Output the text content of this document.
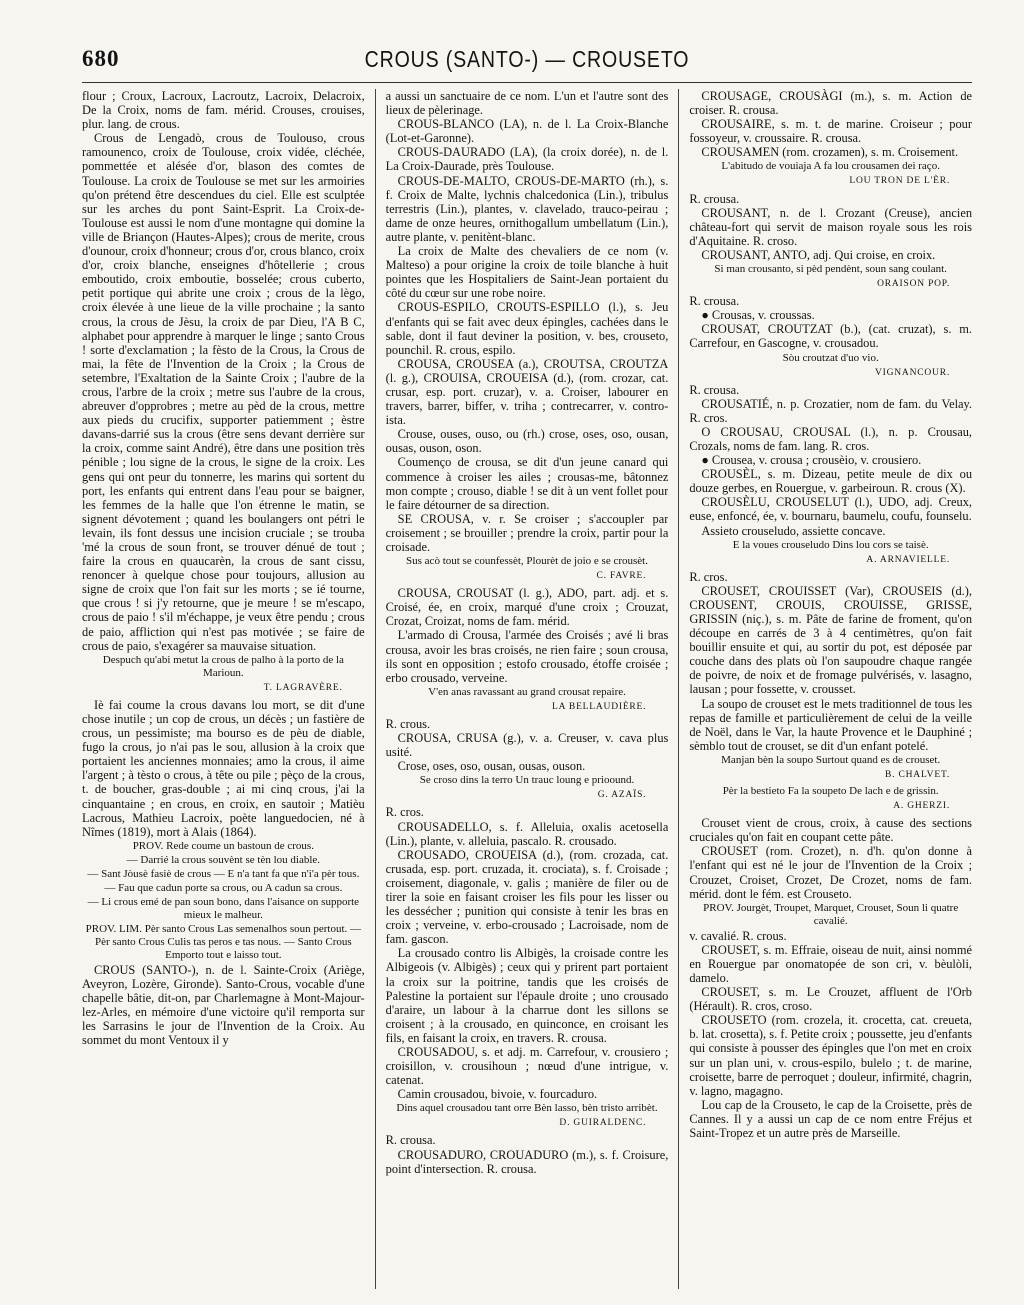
680	CROUS (SANTO-) — CROUSETO

flour ; Croux, Lacroux, Lacroutz, Lacroix, Delacroix, De la Croix, noms de fam. mérid. Crouses, crouises, plur. lang. de crous.

Crous de Lengadò, crous de Toulouso, crous ramounenco, croix de Toulouse, croix vidée, cléchée, pommettée et alésée d'or, blason des comtes de Toulouse. La croix de Toulouse se met sur les armoiries qu'on prétend être descendues du ciel. Elle est sculptée sur les arches du pont Saint-Esprit. La Croix-de-Toulouse est aussi le nom d'une montagne qui domine la ville de Briançon (Hautes-Alpes); crous de merite, crous d'ounour, croix d'honneur; crous d'or, crous blanco, croix d'or, croix blanche, enseignes d'hôtellerie ; crous emboutido, croix emboutie, bosselée; crous cuberto, petit portique qui abrite une croix ; crous de la lègo, croix élevée à une lieue de la ville prochaine ; la santo crous, la crous de Jèsu, la croix de par Dieu, l'A B C, alphabet pour apprendre à marquer le linge ; santo Crous ! sorte d'exclamation ; la fèsto de la Crous, la Crous de mai, la fête de l'Invention de la Croix ; la Crous de setembre, l'Exaltation de la Sainte Croix ; l'aubre de la crous, l'arbre de la croix ; metre sus l'aubre de la crous, abreuver d'opprobres ; metre au pèd de la crous, mettre aux pieds du crucifix, supporter patiemment ; èstre davans-darrié sus la crous (être sens devant derrière sur la croix, comme saint André), être dans une position très pénible ; lou signe de la crous, le signe de la croix. Les gens qui ont peur du tonnerre, les marins qui sortent du port, les enfants qui entrent dans l'eau pour se baigner, les femmes de la halle que l'on étrenne le matin, se signent dévotement ; quand les boulangers ont pétri le levain, ils font dessus une incision cruciale ; se trouba 'mé la crous de soun front, se trouver dénué de tout ; faire la crous en quaucarèn, la crous de sant cissu, renoncer à quelque chose pour toujours, allusion au signe de croix que l'on fait sur les morts ; se ié tourne, que crous ! si j'y retourne, que je meure ! se m'escapo, crous de paio ! s'il m'échappe, je veux être pendu ; crous de paio, affliction qui n'est pas motivée ; se faire de crous de paio, s'exagérer sa mauvaise situation.

Despuch qu'abi metut la crous de palho à la porto de la Marioun.

T. LAGRAVÈRE.

Iè fai coume la crous davans lou mort, se dit d'une chose inutile ; un cop de crous, un décès ; un fastière de crous, un pessimiste; ma bourso es de pèu de diable, fugo la crous, jo n'ai pas le sou, allusion à la croix que portaient les anciennes monnaies; amo la crous, il aime l'argent ; à tèsto o crous, à tête ou pile ; pèço de la crous, t. de boucher, gras-double ; ai mi cinq crous, j'ai la cinquantaine ; en crous, en croix, en sautoir ; Matièu Lacrous, Mathieu Lacroix, poète languedocien, né à Nîmes (1819), mort à Alais (1864).

PROV. Rede coume un bastoun de crous.

— Darrié la crous souvènt se tèn lou diable.

— Sant Jòusè fasiè de crous — E n'a tant fa que n'i'a pèr tous.

— Fau que cadun porte sa crous, ou A cadun sa crous.

— Li crous emé de pan soun bono, dans l'aisance on supporte mieux le malheur.

PROV. LIM. Pèr santo Crous Las semenalhos soun pertout. — Pèr santo Crous Culis tas peros e tas nous. — Santo Crous Emporto tout e laisso tout.

CROUS (SANTO-), n. de l. Sainte-Croix (Ariège, Aveyron, Lozère, Gironde). Santo-Crous, vocable d'une chapelle bâtie, dit-on, par Charlemagne à Mont-Majour-lez-Arles, en mémoire d'une victoire qu'il remporta sur les Sarrasins le jour de l'Invention de la Croix. Au sommet du mont Ventoux il y

a aussi un sanctuaire de ce nom. L'un et l'autre sont des lieux de pèlerinage.

CROUS-BLANCO (LA), n. de l. La Croix-Blanche (Lot-et-Garonne).

CROUS-DAURADO (LA), (la croix dorée), n. de l. La Croix-Daurade, près Toulouse.

CROUS-DE-MALTO, CROUS-DE-MARTO (rh.), s. f. Croix de Malte, lychnis chalcedonica (Lin.), tribulus terrestris (Lin.), plantes, v. clavelado, trauco-peirau ; dame de onze heures, ornithogallum umbellatum (Lin.), autre plante, v. penitènt-blanc.

La croix de Malte des chevaliers de ce nom (v. Malteso) a pour origine la croix de toile blanche à huit pointes que les Hospitaliers de Saint-Jean portaient du côté du cœur sur une robe noire.

CROUS-ESPILO, CROUTS-ESPILLO (l.), s. Jeu d'enfants qui se fait avec deux épingles, cachées dans le sable, dont il faut deviner la position, v. bes, crouseto, pounchil. R. crous, espilo.

CROUSA, CROUSEA (a.), CROUTSA, CROUTZA (l. g.), CROUISA, CROUEISA (d.), (rom. crozar, cat. crusar, esp. port. cruzar), v. a. Croiser, labourer en travers, barrer, biffer, v. triha ; contrecarrer, v. contro-ista.

Crouse, ouses, ouso, ou (rh.) crose, oses, oso, ousan, ousas, ouson, oson.

Coumenço de crousa, se dit d'un jeune canard qui commence à croiser les ailes ; crousas-me, bâtonnez mon compte ; crouso, diable ! se dit à un vent follet pour le faire détourner de sa direction.

SE CROUSA, v. r. Se croiser ; s'accoupler par croisement ; se brouiller ; prendre la croix, partir pour la croisade.

Sus acò tout se counfessèt, Plourèt de joio e se crousèt.

C. FAVRE.

CROUSA, CROUSAT (l. g.), ADO, part. adj. et s. Croisé, ée, en croix, marqué d'une croix ; Crouzat, Crozat, Croizat, noms de fam. mérid.

L'armado di Crousa, l'armée des Croisés ; avé li bras crousa, avoir les bras croisés, ne rien faire ; soun crousa, ils sont en opposition ; estofo crousado, étoffe croisée ; erbo crousado, verveine.

V'en anas ravassant au grand crousat repaire.

LA BELLAUDIÈRE.

R. crous.

CROUSA, CRUSA (g.), v. a. Creuser, v. cava plus usité.

Crose, oses, oso, ousan, ousas, ouson.

Se croso dins la terro Un trauc loung e prioound.

G. AZAÏS.

R. cros.

CROUSADELLO, s. f. Alleluia, oxalis acetosella (Lin.), plante, v. alleluia, pascalo. R. crousado.

CROUSADO, CROUEISA (d.), (rom. crozada, cat. crusada, esp. port. cruzada, it. crociata), s. f. Croisade ; croisement, diagonale, v. galis ; manière de filer ou de tirer la soie en faisant croiser les fils pour les lisser ou les dessécher ; punition qui consiste à tenir les bras en croix ; verveine, v. erbo-crousado ; Lacroisade, nom de fam. gascon.

La crousado contro lis Albigès, la croisade contre les Albigeois (v. Albigès) ; ceux qui y prirent part portaient la croix sur la poitrine, tandis que les croisés de Palestine la portaient sur l'épaule droite ; uno crousado d'araire, un labour à la charrue dont les sillons se croisent ; à la crousado, en quinconce, en croisant les fils, en faisant la croix, en travers. R. crousa.

CROUSADOU, s. et adj. m. Carrefour, v. crousiero ; croisillon, v. crousihoun ; nœud d'une intrigue, v. catenat.

Camin crousadou, bivoie, v. fourcaduro.

Dins aquel crousadou tant orre Bèn lasso, bèn tristo arribèt.

D. GUIRALDENC.

R. crousa.

CROUSADURO, CROUADURO (m.), s. f. Croisure, point d'intersection. R. crousa.

CROUSAGE, CROUSÀGI (m.), s. m. Action de croiser. R. crousa.

CROUSAIRE, s. m. t. de marine. Croiseur ; pour fossoyeur, v. croussaire. R. crousa.

CROUSAMEN (rom. crozamen), s. m. Croisement.

L'abitudo de vouiaja A fa lou crousamen dei raço.

LOU TRON DE L'ÈR.

R. crousa.

CROUSANT, n. de l. Crozant (Creuse), ancien château-fort qui servit de maison royale sous les rois d'Aquitaine. R. croso.

CROUSANT, ANTO, adj. Qui croise, en croix.

Si man crousanto, si pèd pendènt, soun sang coulant.

ORAISON POP.

R. crousa.

● Crousas, v. croussas.

CROUSAT, CROUTZAT (b.), (cat. cruzat), s. m. Carrefour, en Gascogne, v. crousadou.

Sòu croutzat d'uo vio.

VIGNANCOUR.

R. crousa.

CROUSATIÉ, n. p. Crozatier, nom de fam. du Velay. R. cros.

O CROUSAU, CROUSAL (l.), n. p. Crousau, Crozals, noms de fam. lang. R. cros.

● Crousea, v. crousa ; crousèio, v. crousiero.

CROUSÈL, s. m. Dizeau, petite meule de dix ou douze gerbes, en Rouergue, v. garbeiroun. R. crous (X).

CROUSÈLU, CROUSELUT (l.), UDO, adj. Creux, euse, enfoncé, ée, v. bournaru, baumelu, coufu, founselu.

Assieto crouseludo, assiette concave.

E la voues crouseludo Dins lou cors se taisè.

A. ARNAVIELLE.

R. cros.

CROUSET, CROUISSET (Var), CROUSEIS (d.), CROUSENT, CROUIS, CROUISSE, GRISSE, GRISSIN (niç.), s. m. Pâte de farine de froment, qu'on découpe en carrés de 3 à 4 centimètres, qu'on fait bouillir ensuite et qui, au sortir du pot, est déposée par couche dans des plats où l'on saupoudre chaque rangée de poivre, de noix et de fromage pulvérisés, v. lasagno, lausan ; pour fossette, v. crousset.

La soupo de crouset est le mets traditionnel de tous les repas de famille et particulièrement de celui de la veille de Noël, dans le Var, la haute Provence et le Dauphiné ; sèmblo tout de crouset, se dit d'un enfant potelé.

Manjan bèn la soupo Surtout quand es de crouset.

B. CHALVET.

Pèr la bestieto Fa la soupeto De lach e de grissin.

A. GHERZI.

Crouset vient de crous, croix, à cause des sections cruciales qu'on fait en coupant cette pâte.

CROUSET (rom. Crozet), n. d'h. qu'on donne à l'enfant qui est né le jour de l'Invention de la Croix ; Crouzet, Croiset, Crozet, De Crozet, noms de fam. mérid. dont le fém. est Crouseto.

PROV. Jourgèt, Troupet, Marquet, Crouset, Soun li quatre cavalié.

v. cavalié. R. crous.

CROUSET, s. m. Effraie, oiseau de nuit, ainsi nommé en Rouergue par onomatopée de son cri, v. bèulòli, damelo.

CROUSET, s. m. Le Crouzet, affluent de l'Orb (Hérault). R. cros, croso.

CROUSETO (rom. crozela, it. crocetta, cat. creueta, b. lat. crosetta), s. f. Petite croix ; poussette, jeu d'enfants qui consiste à pousser des épingles que l'on met en croix sur un plan uni, v. crous-espilo, bulelo ; t. de marine, croisette, barre de perroquet ; douleur, infirmité, chagrin, v. lagno, magagno.

Lou cap de la Crouseto, le cap de la Croisette, près de Cannes. Il y a aussi un cap de ce nom entre Fréjus et Saint-Tropez et un autre près de Marseille.
